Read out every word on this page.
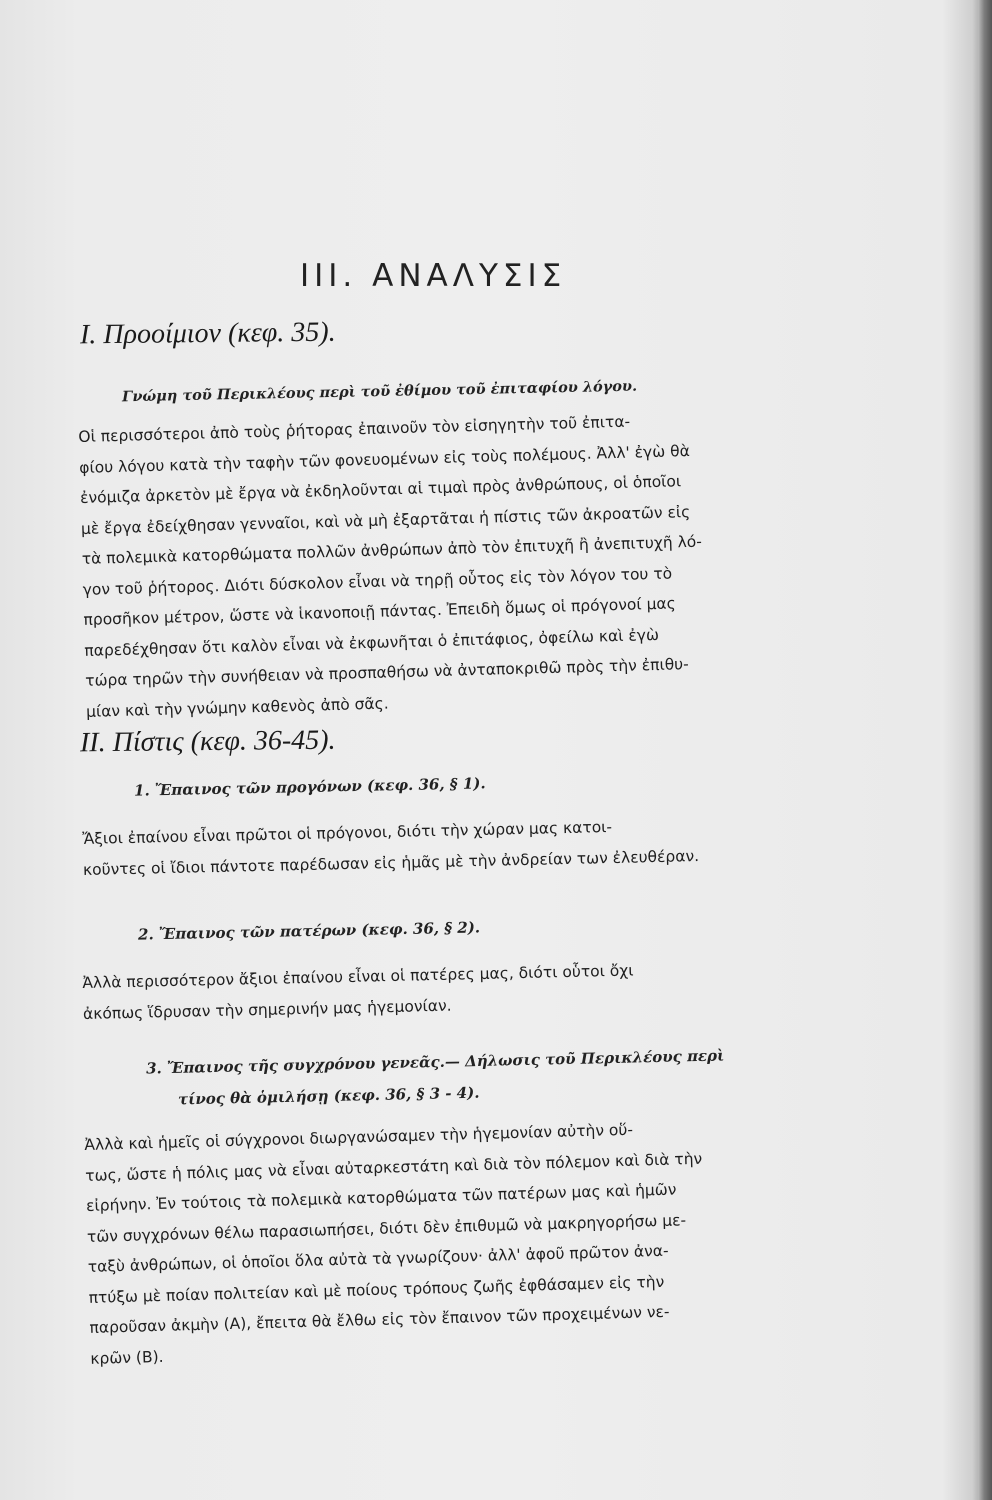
III. ΑΝΑΛΥΣΙΣ
I. Προοίμιον (κεφ. 35).
Γνώμη τοῦ Περικλέους περὶ τοῦ ἐθίμου τοῦ ἐπιταφίου λόγου.
Οἱ περισσότεροι ἀπὸ τοὺς ῥήτορας ἐπαινοῦν τὸν εἰσηγητὴν τοῦ ἐπιτα-
φίου λόγου κατὰ τὴν ταφὴν τῶν φονευομένων εἰς τοὺς πολέμους. Ἀλλ' ἐγὼ θὰ
ἐνόμιζα ἀρκετὸν μὲ ἔργα νὰ ἐκδηλοῦνται αἱ τιμαὶ πρὸς ἀνθρώπους, οἱ ὁποῖοι
μὲ ἔργα ἐδείχθησαν γενναῖοι, καὶ νὰ μὴ ἐξαρτᾶται ἡ πίστις τῶν ἀκροατῶν εἰς
τὰ πολεμικὰ κατορθώματα πολλῶν ἀνθρώπων ἀπὸ τὸν ἐπιτυχῆ ἢ ἀνεπιτυχῆ λό-
γον τοῦ ῥήτορος. Διότι δύσκολον εἶναι νὰ τηρῇ οὗτος εἰς τὸν λόγον του τὸ
προσῆκον μέτρον, ὥστε νὰ ἱκανοποιῇ πάντας. Ἐπειδὴ ὅμως οἱ πρόγονοί μας
παρεδέχθησαν ὅτι καλὸν εἶναι νὰ ἐκφωνῆται ὁ ἐπιτάφιος, ὀφείλω καὶ ἐγὼ
τώρα τηρῶν τὴν συνήθειαν νὰ προσπαθήσω νὰ ἀνταποκριθῶ πρὸς τὴν ἐπιθυ-
μίαν καὶ τὴν γνώμην καθενὸς ἀπὸ σᾶς.
II. Πίστις (κεφ. 36-45).
1. Ἔπαινος τῶν προγόνων (κεφ. 36, § 1).
Ἄξιοι ἐπαίνου εἶναι πρῶτοι οἱ πρόγονοι, διότι τὴν χώραν μας κατοι-
κοῦντες οἱ ἴδιοι πάντοτε παρέδωσαν εἰς ἡμᾶς μὲ τὴν ἀνδρείαν των ἐλευθέραν.
2. Ἔπαινος τῶν πατέρων (κεφ. 36, § 2).
Ἀλλὰ περισσότερον ἄξιοι ἐπαίνου εἶναι οἱ πατέρες μας, διότι οὗτοι ὄχι
ἀκόπως ἵδρυσαν τὴν σημερινήν μας ἡγεμονίαν.
3. Ἔπαινος τῆς συγχρόνου γενεᾶς.— Δήλωσις τοῦ Περικλέους περὶ
τίνος θὰ ὁμιλήσῃ (κεφ. 36, § 3 - 4).
Ἀλλὰ καὶ ἡμεῖς οἱ σύγχρονοι διωργανώσαμεν τὴν ἡγεμονίαν αὐτὴν οὕ-
τως, ὥστε ἡ πόλις μας νὰ εἶναι αὐταρκεστάτη καὶ διὰ τὸν πόλεμον καὶ διὰ τὴν
εἰρήνην. Ἐν τούτοις τὰ πολεμικὰ κατορθώματα τῶν πατέρων μας καὶ ἡμῶν
τῶν συγχρόνων θέλω παρασιωπήσει, διότι δὲν ἐπιθυμῶ νὰ μακρηγορήσω με-
ταξὺ ἀνθρώπων, οἱ ὁποῖοι ὅλα αὐτὰ τὰ γνωρίζουν· ἀλλ' ἀφοῦ πρῶτον ἀνα-
πτύξω μὲ ποίαν πολιτείαν καὶ μὲ ποίους τρόπους ζωῆς ἐφθάσαμεν εἰς τὴν
παροῦσαν ἀκμὴν (Α), ἔπειτα θὰ ἔλθω εἰς τὸν ἔπαινον τῶν προχειμένων νε-
κρῶν (Β).
